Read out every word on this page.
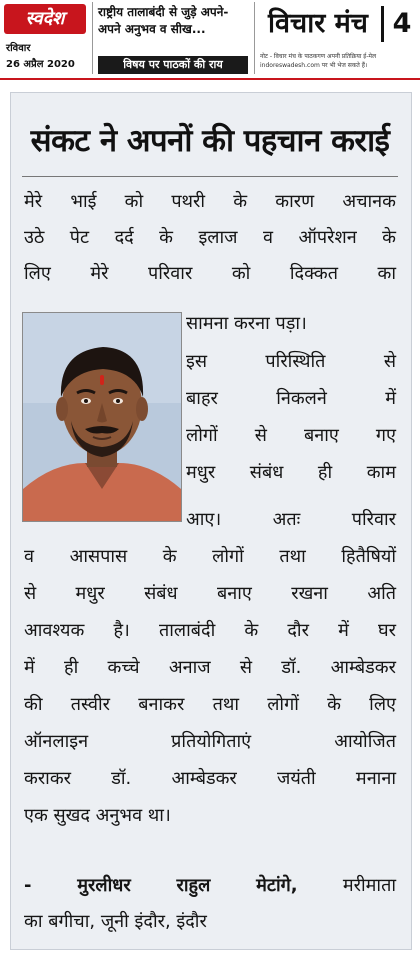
स्वदेश
रविवार
26 अप्रैल 2020
राष्ट्रीय तालाबंदी से जुड़े अपने-
अपने अनुभव व सीख...
विषय पर पाठकों की राय
विचार मंच 4
नोट - विचार मंच के पाठकगण अपनी प्रतिक्रिया ई-मेल indoreswadesh.com पर भी भेज सकते हैं।
संकट ने अपनों की पहचान कराई
मेरे भाई को पथरी के कारण अचानक
उठे पेट दर्द के इलाज व ऑपरेशन के
लिए मेरे परिवार को दिक्कत का
सामना करना पड़ा।
इस परिस्थिति से
बाहर निकलने में
लोगों से बनाए गए
मधुर संबंध ही काम
आए। अतः परिवार
व आसपास के लोगों तथा हितैषियों
से मधुर संबंध बनाए रखना अति
आवश्यक है। तालाबंदी के दौर में घर
में ही कच्चे अनाज से डॉ. आम्बेडकर
की तस्वीर बनाकर तथा लोगों के लिए
ऑनलाइन प्रतियोगिताएं आयोजित
कराकर डॉ. आम्बेडकर जयंती मनाना
एक सुखद अनुभव था।
- मुरलीधर राहुल मेटांगे,	मरीमाता
का बगीचा, जूनी इंदौर, इंदौर
